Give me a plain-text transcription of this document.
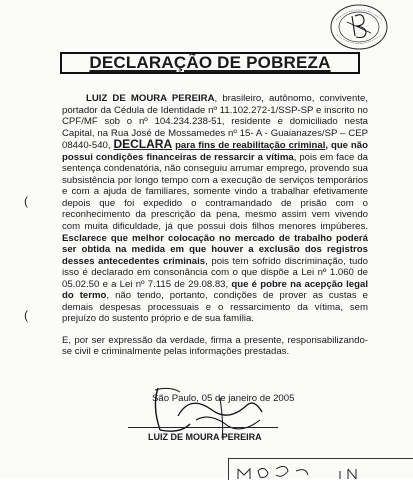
DECLARAÇÃO DE POBREZA
(
(

LUIZ DE MOURA PEREIRA, brasileiro, autônomo, convivente, portador da Cédula de Identidade nº 11.102.272-1/SSP-SP e inscrito no CPF/MF sob o nº 104.234.238-51, residente e domiciliado nesta Capital, na Rua José de Mossamedes nº 15- A - Guaianazes/SP – CEP 08440-540, DECLARA para fins de reabilitação criminal, que não possui condições financeiras de ressarcir a vítima, pois em face da sentença condenatória, não conseguiu arrumar emprego, provendo sua subsistência por longo tempo com a execução de serviços temporários e com a ajuda de familiares, somente vindo a trabalhar efetivamente depois que foi expedido o contramandado de prisão com o reconhecimento da prescrição da pena, mesmo assim vem vivendo com muita dificuldade, já que possui dois filhos menores impúberes. Esclarece que melhor colocação no mercado de trabalho poderá ser obtida na medida em que houver a exclusão dos registros desses antecedentes criminais, pois tem sofrido discriminação, tudo isso é declarado em consonância com o que dispõe a Lei nº 1.060 de 05.02.50 e a Lei nº 7.115 de 29.08.83, que é pobre na acepção legal do termo, não tendo, portanto, condições de prover as custas e demais despesas processuais e o ressarcimento da vítima, sem prejuízo do sustento próprio e de sua família.

E, por ser expressão da verdade, firma a presente, responsabilizando-se civil e criminalmente pelas informações prestadas.

São Paulo, 05 de janeiro de 2005
LUIZ DE MOURA PEREIRA
